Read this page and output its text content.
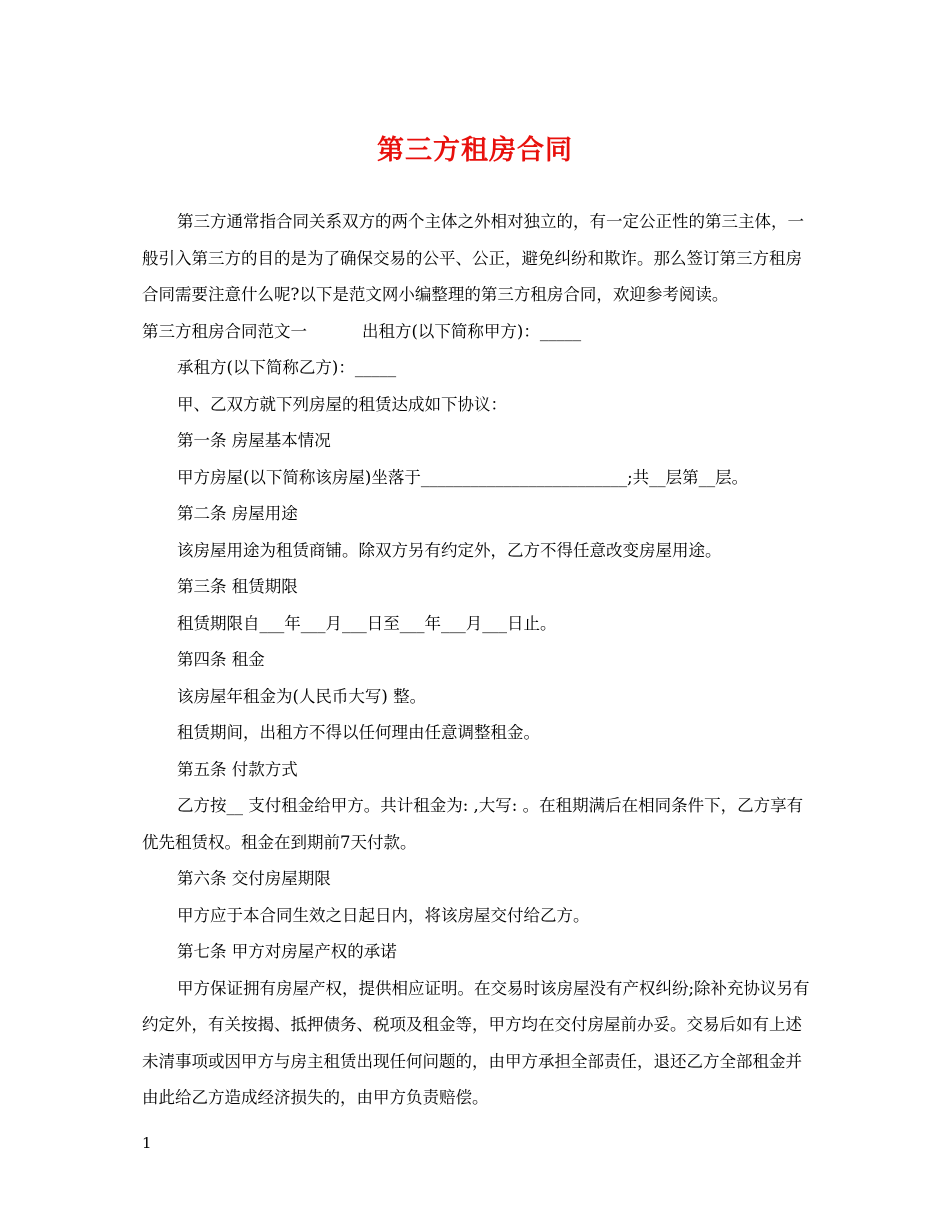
第三方租房合同

第三方通常指合同关系双方的两个主体之外相对独立的，有一定公正性的第三主体，一般引入第三方的目的是为了确保交易的公平、公正，避免纠纷和欺诈。那么签订第三方租房合同需要注意什么呢?以下是范文网小编整理的第三方租房合同，欢迎参考阅读。

第三方租房合同范文一	出租方(以下简称甲方)：_____

承租方(以下简称乙方)：_____

甲、乙双方就下列房屋的租赁达成如下协议：

第一条 房屋基本情况

甲方房屋(以下简称该房屋)坐落于_________________________;共__层第__层。

第二条 房屋用途

该房屋用途为租赁商铺。除双方另有约定外，乙方不得任意改变房屋用途。

第三条 租赁期限

租赁期限自___年___月___日至___年___月___日止。

第四条 租金

该房屋年租金为(人民币大写) 整。

租赁期间，出租方不得以任何理由任意调整租金。

第五条 付款方式

乙方按__ 支付租金给甲方。共计租金为: ,大写: 。在租期满后在相同条件下，乙方享有优先租赁权。租金在到期前7天付款。

第六条 交付房屋期限

甲方应于本合同生效之日起日内，将该房屋交付给乙方。

第七条 甲方对房屋产权的承诺

甲方保证拥有房屋产权，提供相应证明。在交易时该房屋没有产权纠纷;除补充协议另有约定外，有关按揭、抵押债务、税项及租金等，甲方均在交付房屋前办妥。交易后如有上述未清事项或因甲方与房主租赁出现任何问题的，由甲方承担全部责任，退还乙方全部租金并由此给乙方造成经济损失的，由甲方负责赔偿。

1
